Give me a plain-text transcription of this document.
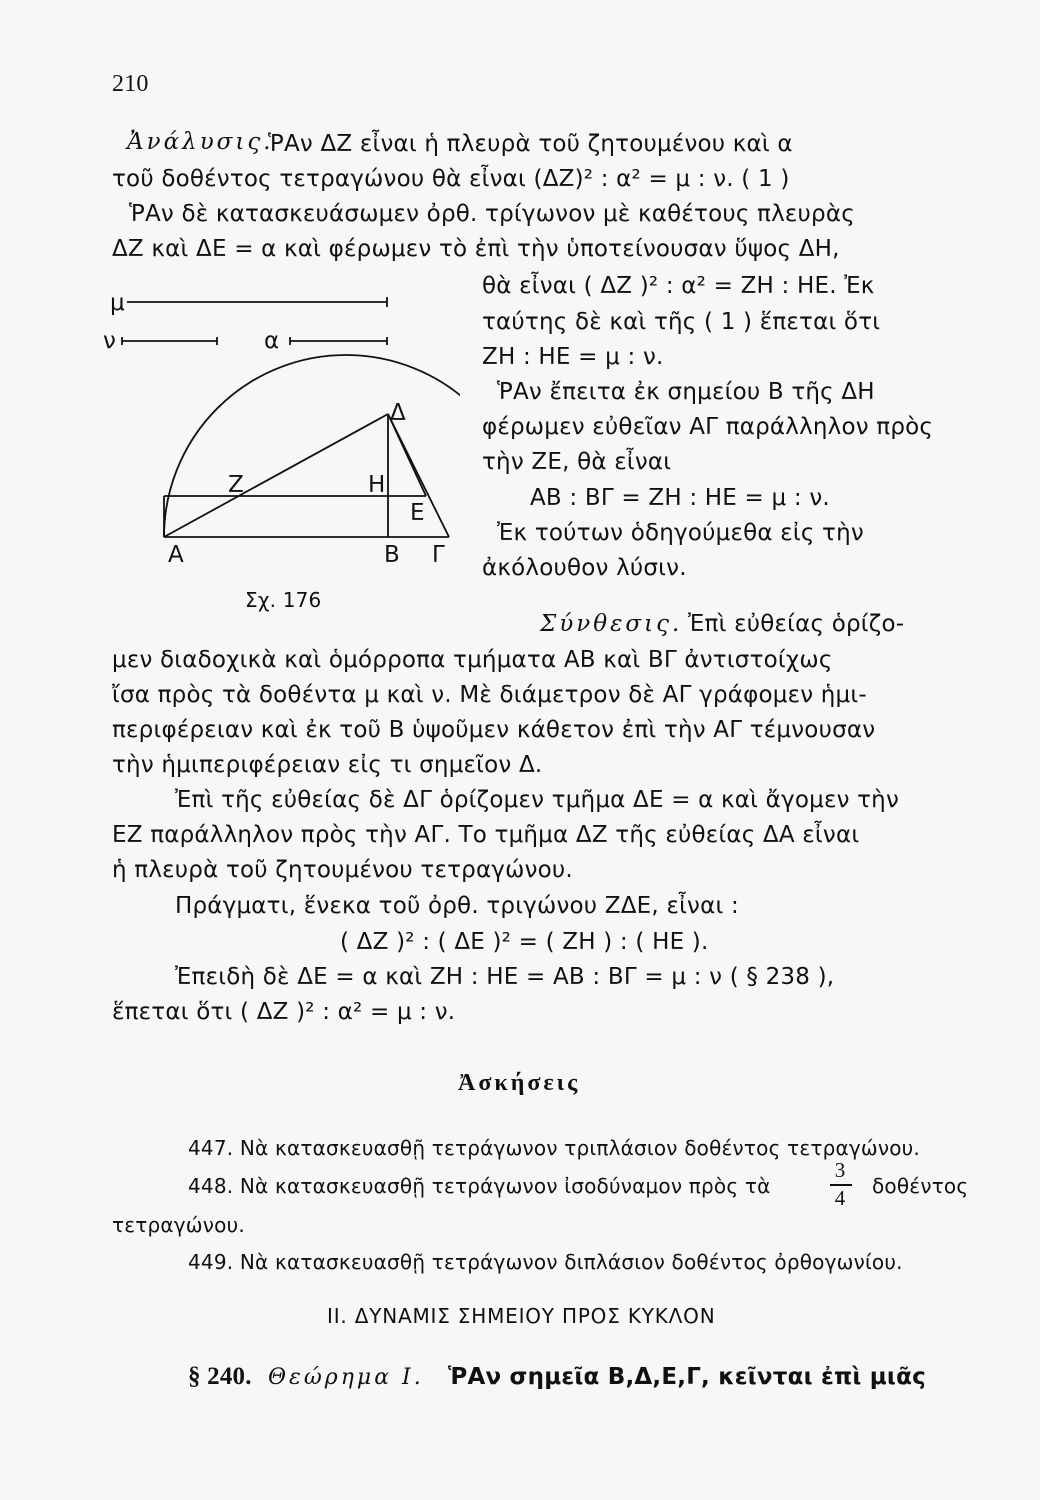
210
Ἀνάλυσις.
ῬΑν ΔΖ εἶναι ἡ πλευρὰ τοῦ ζητουμένου καὶ α
τοῦ δοθέντος τετραγώνου θὰ εἶναι (ΔΖ)² : α² = μ : ν. ( 1 )
ῬΑν δὲ κατασκευάσωμεν ὀρθ. τρίγωνον μὲ καθέτους πλευρὰς
ΔΖ καὶ ΔΕ = α καὶ φέρωμεν τὸ ἐπὶ τὴν ὑποτείνουσαν ὕψος ΔΗ,
θὰ εἶναι ( ΔΖ )² : α² = ΖΗ : ΗΕ. Ἐκ
ταύτης δὲ καὶ τῆς ( 1 ) ἕπεται ὅτι
ΖΗ : ΗΕ = μ : ν.
ῬΑν ἔπειτα ἐκ σημείου Β τῆς ΔΗ
φέρωμεν εὐθεῖαν ΑΓ παράλληλον πρὸς
τὴν ΖΕ, θὰ εἶναι
ΑΒ : ΒΓ = ΖΗ : ΗΕ = μ : ν.
Ἐκ τούτων ὁδηγούμεθα εἰς τὴν
ἀκόλουθον λύσιν.
μ
ν	α
Δ
Ζ	Η
Ε
Α	Β Γ
Σχ. 176
Σύνθεσις. Ἐπὶ εὐθείας ὁρίζο-
μεν διαδοχικὰ καὶ ὁμόρροπα τμήματα ΑΒ καὶ ΒΓ ἀντιστοίχως
ἴσα πρὸς τὰ δοθέντα μ καὶ ν. Μὲ διάμετρον δὲ ΑΓ γράφομεν ἡμι-
περιφέρειαν καὶ ἐκ τοῦ Β ὑψοῦμεν κάθετον ἐπὶ τὴν ΑΓ τέμνουσαν
τὴν ἡμιπεριφέρειαν εἰς τι σημεῖον Δ.
Ἐπὶ τῆς εὐθείας δὲ ΔΓ ὁρίζομεν τμῆμα ΔΕ = α καὶ ἄγομεν τὴν
ΕΖ παράλληλον πρὸς τὴν ΑΓ. Το τμῆμα ΔΖ τῆς εὐθείας ΔΑ εἶναι
ἡ πλευρὰ τοῦ ζητουμένου τετραγώνου.
Πράγματι, ἕνεκα τοῦ ὀρθ. τριγώνου ΖΔΕ, εἶναι :
( ΔΖ )² : ( ΔΕ )² = ( ΖΗ ) : ( ΗΕ ).
Ἐπειδὴ δὲ ΔΕ = α καὶ ΖΗ : ΗΕ = ΑΒ : ΒΓ = μ : ν ( § 238 ),
ἕπεται ὅτι ( ΔΖ )² : α² = μ : ν.
Ἀσκήσεις
447. Νὰ κατασκευασθῇ τετράγωνον τριπλάσιον δοθέντος τετραγώνου.
448. Νὰ κατασκευασθῇ τετράγωνον ἰσοδύναμον πρὸς τὰ
3
4	δοθέντος
τετραγώνου.
449. Νὰ κατασκευασθῇ τετράγωνον διπλάσιον δοθέντος ὀρθογωνίου.
II. ΔΥΝΑΜΙΣ ΣΗΜΕΙΟΥ ΠΡΟΣ ΚΥΚΛΟΝ
§ 240. Θεώρημα Ι. ῬΑν σημεῖα Β,Δ,Ε,Γ, κεῖνται ἐπὶ μιᾶς
